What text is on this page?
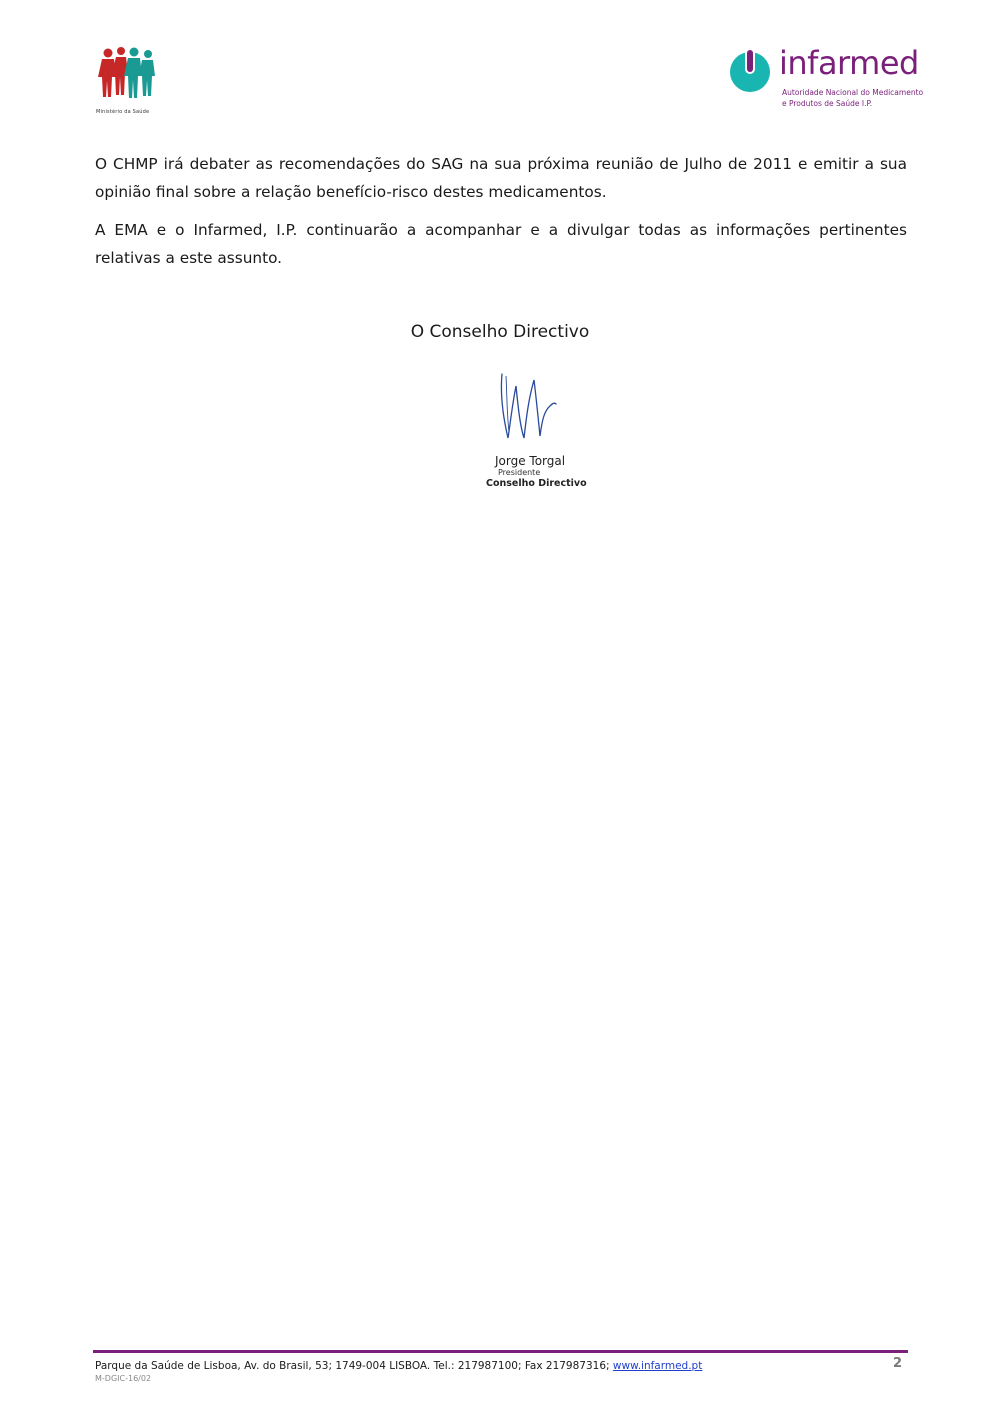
Ministério da Saúde
infarmed
Autoridade Nacional do Medicamento
e Produtos de Saúde I.P.

O CHMP irá debater as recomendações do SAG na sua próxima reunião de Julho de 2011 e emitir a sua opinião final sobre a relação benefício-risco destes medicamentos.

A EMA e o Infarmed, I.P. continuarão a acompanhar e a divulgar todas as informações pertinentes relativas a este assunto.

O Conselho Directivo
Jorge Torgal
Presidente
Conselho Directivo
Parque da Saúde de Lisboa, Av. do Brasil, 53; 1749-004 LISBOA. Tel.: 217987100; Fax 217987316; www.infarmed.pt
M-DGIC-16/02
2
